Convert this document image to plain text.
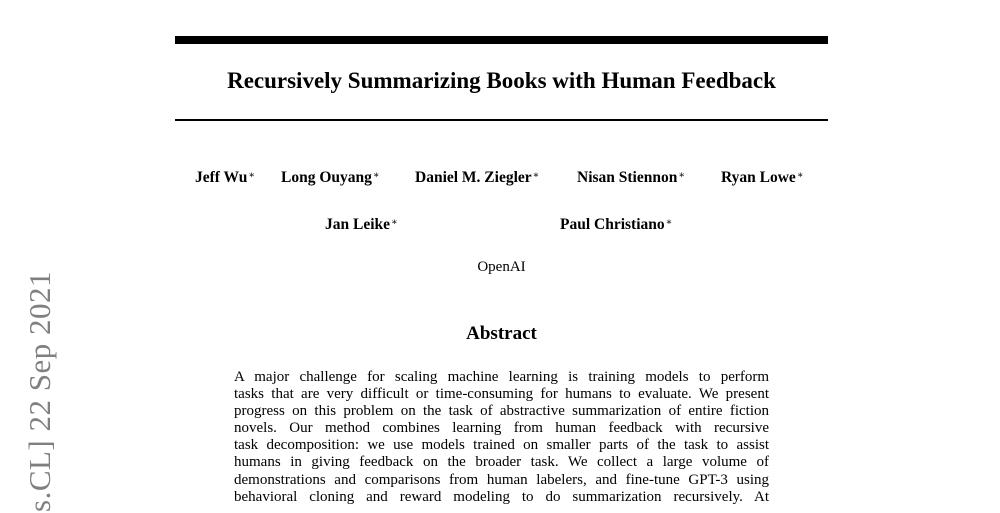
s.CL] 22 Sep 2021
Recursively Summarizing Books with Human Feedback
Jeff Wu∗ Long Ouyang∗ Daniel M. Ziegler∗ Nisan Stiennon∗ Ryan Lowe∗
Jan Leike∗	Paul Christiano∗
OpenAI
Abstract
A major challenge for scaling machine learning is training models to perform
tasks that are very difficult or time-consuming for humans to evaluate. We present
progress on this problem on the task of abstractive summarization of entire fiction
novels. Our method combines learning from human feedback with recursive
task decomposition: we use models trained on smaller parts of the task to assist
humans in giving feedback on the broader task. We collect a large volume of
demonstrations and comparisons from human labelers, and fine-tune GPT-3 using
behavioral cloning and reward modeling to do summarization recursively. At
